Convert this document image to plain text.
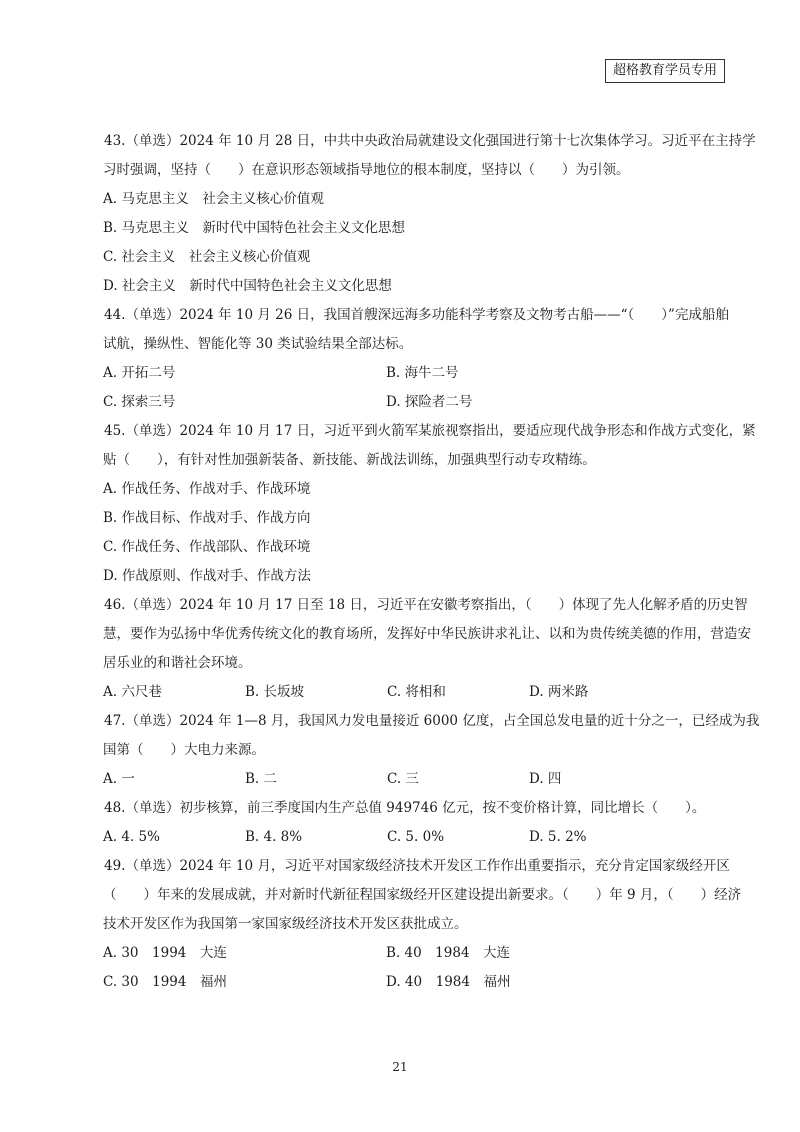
超格教育学员专用

43.（单选）2024 年 10 月 28 日，中共中央政治局就建设文化强国进行第十七次集体学习。习近平在主持学

习时强调，坚持（　　）在意识形态领域指导地位的根本制度，坚持以（　　）为引领。

A. 马克思主义　社会主义核心价值观

B. 马克思主义　新时代中国特色社会主义文化思想

C. 社会主义　社会主义核心价值观

D. 社会主义　新时代中国特色社会主义文化思想

44.（单选）2024 年 10 月 26 日，我国首艘深远海多功能科学考察及文物考古船——“（　　）”完成船舶

试航，操纵性、智能化等 30 类试验结果全部达标。

A. 开拓二号	B. 海牛二号

C. 探索三号	D. 探险者二号

45.（单选）2024 年 10 月 17 日，习近平到火箭军某旅视察指出，要适应现代战争形态和作战方式变化，紧

贴（　　），有针对性加强新装备、新技能、新战法训练，加强典型行动专攻精练。

A. 作战任务、作战对手、作战环境

B. 作战目标、作战对手、作战方向

C. 作战任务、作战部队、作战环境

D. 作战原则、作战对手、作战方法

46.（单选）2024 年 10 月 17 日至 18 日，习近平在安徽考察指出，（　　）体现了先人化解矛盾的历史智

慧，要作为弘扬中华优秀传统文化的教育场所，发挥好中华民族讲求礼让、以和为贵传统美德的作用，营造安

居乐业的和谐社会环境。

A. 六尺巷	B. 长坂坡	C. 将相和	D. 两米路

47.（单选）2024 年 1—8 月，我国风力发电量接近 6000 亿度，占全国总发电量的近十分之一，已经成为我

国第（　　）大电力来源。

A. 一	B. 二	C. 三	D. 四

48.（单选）初步核算，前三季度国内生产总值 949746 亿元，按不变价格计算，同比增长（　　）。

A. 4. 5%	B. 4. 8%	C. 5. 0%	D. 5. 2%

49.（单选）2024 年 10 月，习近平对国家级经济技术开发区工作作出重要指示，充分肯定国家级经开区

（　　）年来的发展成就，并对新时代新征程国家级经开区建设提出新要求。（　　）年 9 月，（　　）经济

技术开发区作为我国第一家国家级经济技术开发区获批成立。

A. 30　1994　大连	B. 40　1984　大连

C. 30　1994　福州	D. 40　1984　福州

21
